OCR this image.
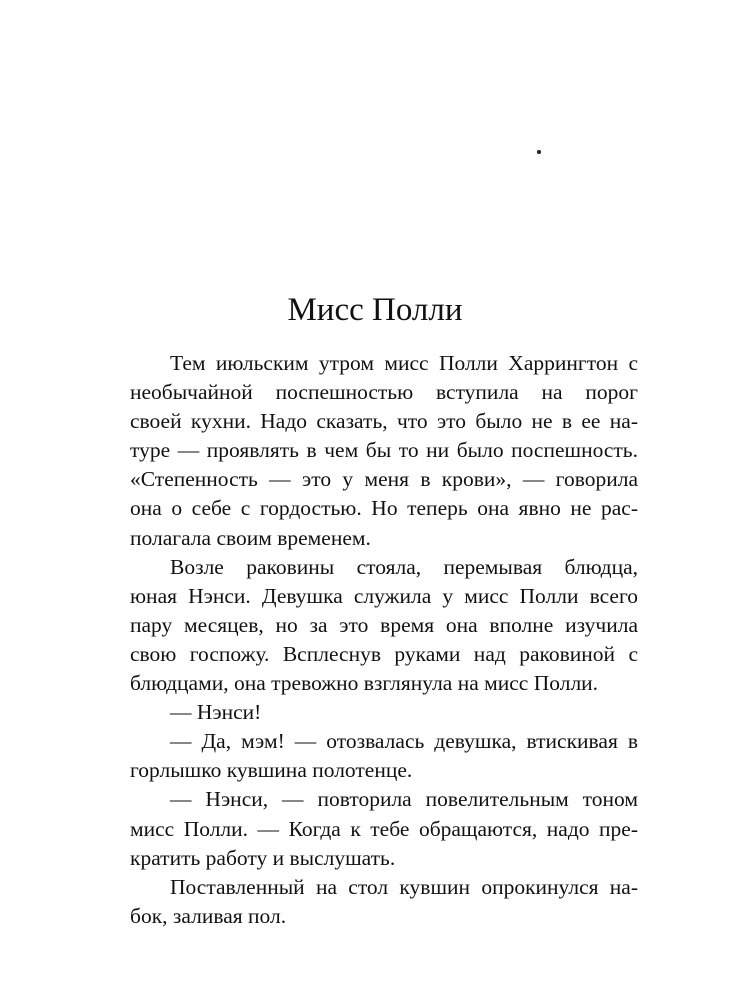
Мисс Полли

Тем июльским утром мисс Полли Харрингтон с
необычайной поспешностью вступила на порог
своей кухни. Надо сказать, что это было не в ее на-
туре — проявлять в чем бы то ни было поспешность.
«Степенность — это у меня в крови», — говорила
она о себе с гордостью. Но теперь она явно не рас-
полагала своим временем.

Возле раковины стояла, перемывая блюдца,
юная Нэнси. Девушка служила у мисс Полли всего
пару месяцев, но за это время она вполне изучила
свою госпожу. Всплеснув руками над раковиной с
блюдцами, она тревожно взглянула на мисс Полли.

— Нэнси!

— Да, мэм! — отозвалась девушка, втискивая в
горлышко кувшина полотенце.

— Нэнси, — повторила повелительным тоном
мисс Полли. — Когда к тебе обращаются, надо пре-
кратить работу и выслушать.

Поставленный на стол кувшин опрокинулся на-
бок, заливая пол.
